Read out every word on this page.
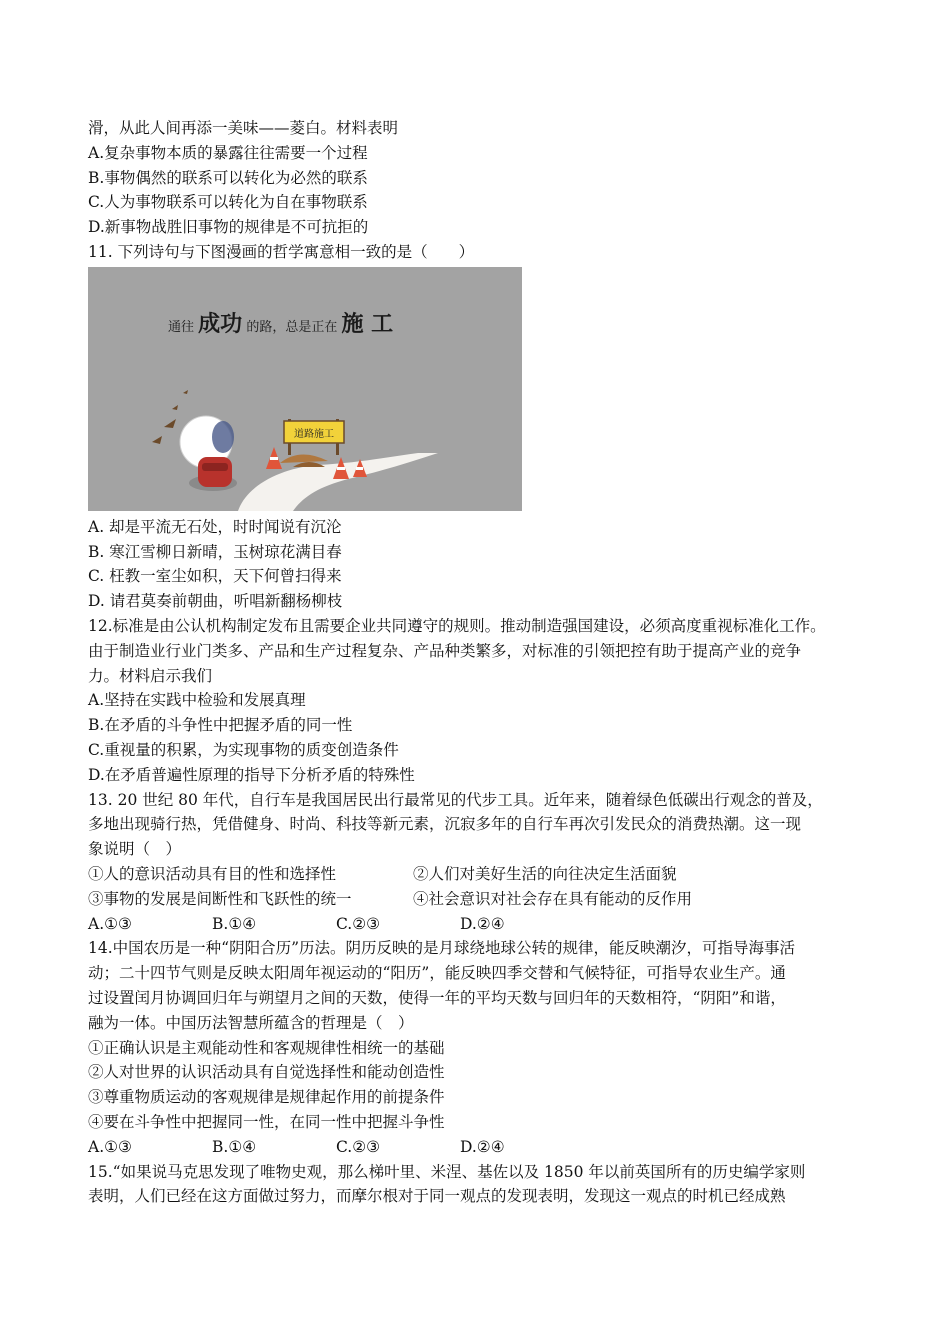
滑，从此人间再添一美味——菱白。材料表明

A.复杂事物本质的暴露往往需要一个过程

B.事物偶然的联系可以转化为必然的联系

C.人为事物联系可以转化为自在事物联系

D.新事物战胜旧事物的规律是不可抗拒的

11. 下列诗句与下图漫画的哲学寓意相一致的是（　　）

通往 成功 的路，总是正在 施 工
道路施工

A. 却是平流无石处，时时闻说有沉沦

B. 寒江雪柳日新晴，玉树琼花满目春

C. 枉教一室尘如积，天下何曾扫得来

D. 请君莫奏前朝曲，听唱新翻杨柳枝

12.标准是由公认机构制定发布且需要企业共同遵守的规则。推动制造强国建设，必须高度重视标准化工作。

由于制造业行业门类多、产品和生产过程复杂、产品种类繁多，对标准的引领把控有助于提高产业的竞争

力。材料启示我们

A.坚持在实践中检验和发展真理

B.在矛盾的斗争性中把握矛盾的同一性

C.重视量的积累，为实现事物的质变创造条件

D.在矛盾普遍性原理的指导下分析矛盾的特殊性

13. 20 世纪 80 年代，自行车是我国居民出行最常见的代步工具。近年来，随着绿色低碳出行观念的普及，

多地出现骑行热，凭借健身、时尚、科技等新元素，沉寂多年的自行车再次引发民众的消费热潮。这一现

象说明（　）

①人的意识活动具有目的性和选择性	②人们对美好生活的向往决定生活面貌
③事物的发展是间断性和飞跃性的统一	④社会意识对社会存在具有能动的反作用
A.①③	B.①④	C.②③	D.②④

14.中国农历是一种“阴阳合历”历法。阴历反映的是月球绕地球公转的规律，能反映潮汐，可指导海事活

动；二十四节气则是反映太阳周年视运动的“阳历”，能反映四季交替和气候特征，可指导农业生产。通

过设置闰月协调回归年与朔望月之间的天数，使得一年的平均天数与回归年的天数相符，“阴阳”和谐，

融为一体。中国历法智慧所蕴含的哲理是（　）

①正确认识是主观能动性和客观规律性相统一的基础

②人对世界的认识活动具有自觉选择性和能动创造性

③尊重物质运动的客观规律是规律起作用的前提条件

④要在斗争性中把握同一性，在同一性中把握斗争性

A.①③	B.①④	C.②③	D.②④

15.“如果说马克思发现了唯物史观，那么梯叶里、米涅、基佐以及 1850 年以前英国所有的历史编学家则

表明，人们已经在这方面做过努力，而摩尔根对于同一观点的发现表明，发现这一观点的时机已经成熟
